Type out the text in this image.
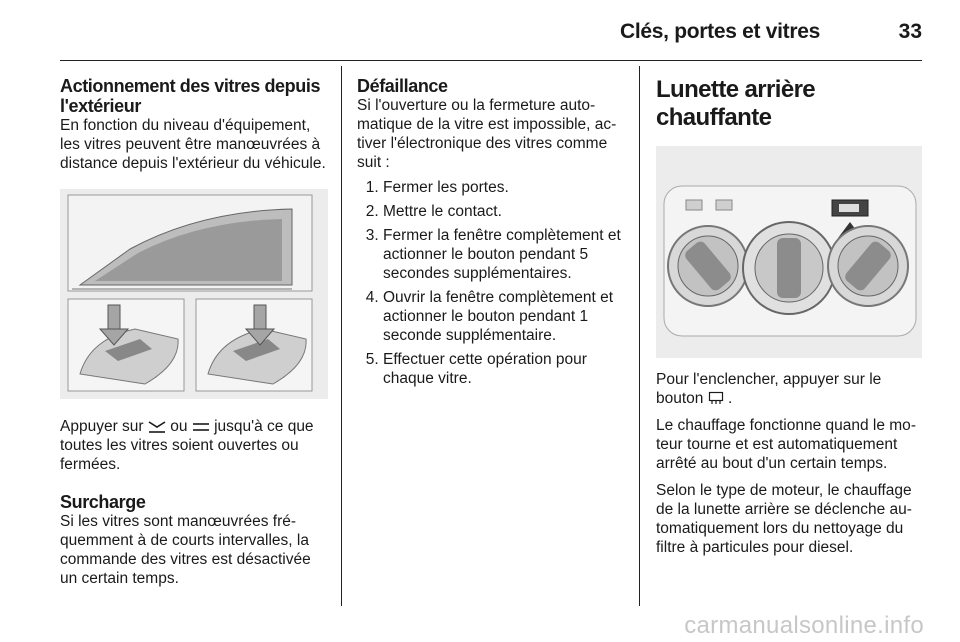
Clés, portes et vitres	33
Actionnement des vitres depuis l'extérieur

En fonction du niveau d'équipement, les vitres peuvent être manœuvrées à distance depuis l'extérieur du véhicule.

Appuyer sur  ou  jusqu'à ce que toutes les vitres soient ouvertes ou fermées.

Surcharge

Si les vitres sont manœuvrées fréquemment à de courts intervalles, la commande des vitres est désactivée un certain temps.

Défaillance

Si l'ouverture ou la fermeture automatique de la vitre est impossible, activer l'électronique des vitres comme suit :

1. Fermer les portes.
2. Mettre le contact.
3. Fermer la fenêtre complètement et actionner le bouton pendant 5 secondes supplémentaires.
4. Ouvrir la fenêtre complètement et actionner le bouton pendant 1 seconde supplémentaire.
5. Effectuer cette opération pour chaque vitre.
Lunette arrière chauffante

Pour l'enclencher, appuyer sur le bouton  .

Le chauffage fonctionne quand le moteur tourne et est automatiquement arrêté au bout d'un certain temps.

Selon le type de moteur, le chauffage de la lunette arrière se déclenche automatiquement lors du nettoyage du filtre à particules pour diesel.

carmanualsonline.info
